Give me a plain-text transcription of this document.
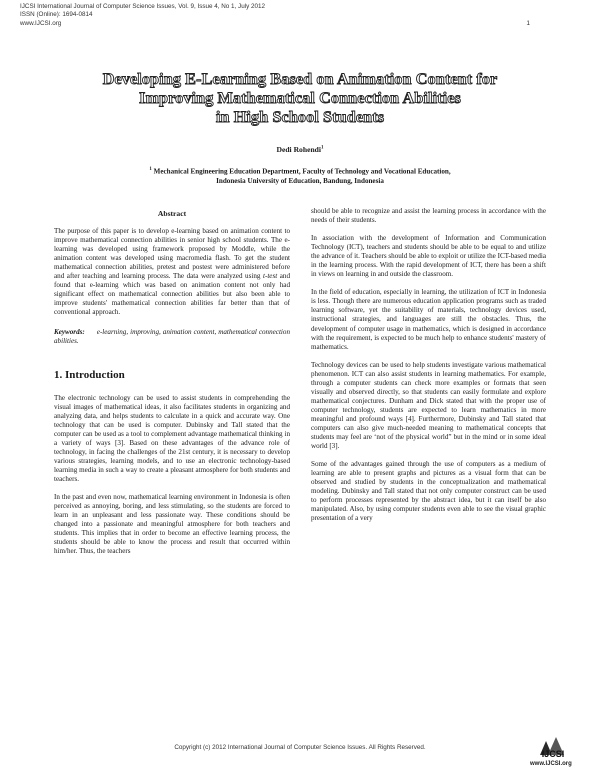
IJCSI International Journal of Computer Science Issues, Vol. 9, Issue 4, No 1, July 2012
ISSN (Online): 1694-0814
www.IJCSI.org	1
Developing E-Learning Based on Animation Content for
Improving Mathematical Connection Abilities
in High School Students
Dedi Rohendi$^1$
$^1$ Mechanical Engineering Education Department, Faculty of Technology and Vocational Education,
Indonesia University of Education, Bandung, Indonesia

Abstract

The purpose of this paper is to develop e-learning based on animation content to improve mathematical connection abilities in senior high school students. The e-learning was developed using framework proposed by Moddle, while the animation content was developed using macromedia flash. To get the student mathematical connection abilities, pretest and postest were administered before and after teaching and learning process. The data were analyzed using t-test and found that e-learning which was based on animation content not only had significant effect on mathematical connection abilities but also been able to improve students' mathematical connection abilities far better than that of conventional approach.

Keywords: e-learning, improving, animation content, mathematical connection abilities.

1. Introduction

The electronic technology can be used to assist students in comprehending the visual images of mathematical ideas, it also facilitates students in organizing and analyzing data, and helps students to calculate in a quick and accurate way. One technology that can be used is computer. Dubinsky and Tall stated that the computer can be used as a tool to complement advantage mathematical thinking in a variety of ways [3]. Based on these advantages of the advance role of technology, in facing the challenges of the 21st century, it is necessary to develop various strategies, learning models, and to use an electronic technology-based learning media in such a way to create a pleasant atmosphere for both students and teachers.

In the past and even now, mathematical learning environment in Indonesia is often perceived as annoying, boring, and less stimulating, so the students are forced to learn in an unpleasant and less passionate way. These conditions should be changed into a passionate and meaningful atmosphere for both teachers and students. This implies that in order to become an effective learning process, the students should be able to know the process and result that occurred within him/her. Thus, the teachers

should be able to recognize and assist the learning process in accordance with the needs of their students.

In association with the development of Information and Communication Technology (ICT), teachers and students should be able to be equal to and utilize the advance of it. Teachers should be able to exploit or utilize the ICT-based media in the learning process. With the rapid development of ICT, there has been a shift in views on learning in and outside the classroom.

In the field of education, especially in learning, the utilization of ICT in Indonesia is less. Though there are numerous education application programs such as traded learning software, yet the suitability of materials, technology devices used, instructional strategies, and languages are still the obstacles. Thus, the development of computer usage in mathematics, which is designed in accordance with the requirement, is expected to be much help to enhance students' mastery of mathematics.

Technology devices can be used to help students investigate various mathematical phenomenon. ICT can also assist students in learning mathematics. For example, through a computer students can check more examples or formats that seen visually and observed directly, so that students can easily formulate and explore mathematical conjectures. Dunham and Dick stated that with the proper use of computer technology, students are expected to learn mathematics in more meaningful and profound ways [4]. Furthermore, Dubinsky and Tall stated that computers can also give much-needed meaning to mathematical concepts that students may feel are ‘not of the physical world” but in the mind or in some ideal world [3].

Some of the advantages gained through the use of computers as a medium of learning are able to present graphs and pictures as a visual form that can be observed and studied by students in the conceptualization and mathematical modeling. Dubinsky and Tall stated that not only computer construct can be used to perform processes represented by the abstract idea, but it can itself be also manipulated. Also, by using computer students even able to see the visual graphic presentation of a very

Copyright (c) 2012 International Journal of Computer Science Issues. All Rights Reserved.
IJCSI
www.IJCSI.org
